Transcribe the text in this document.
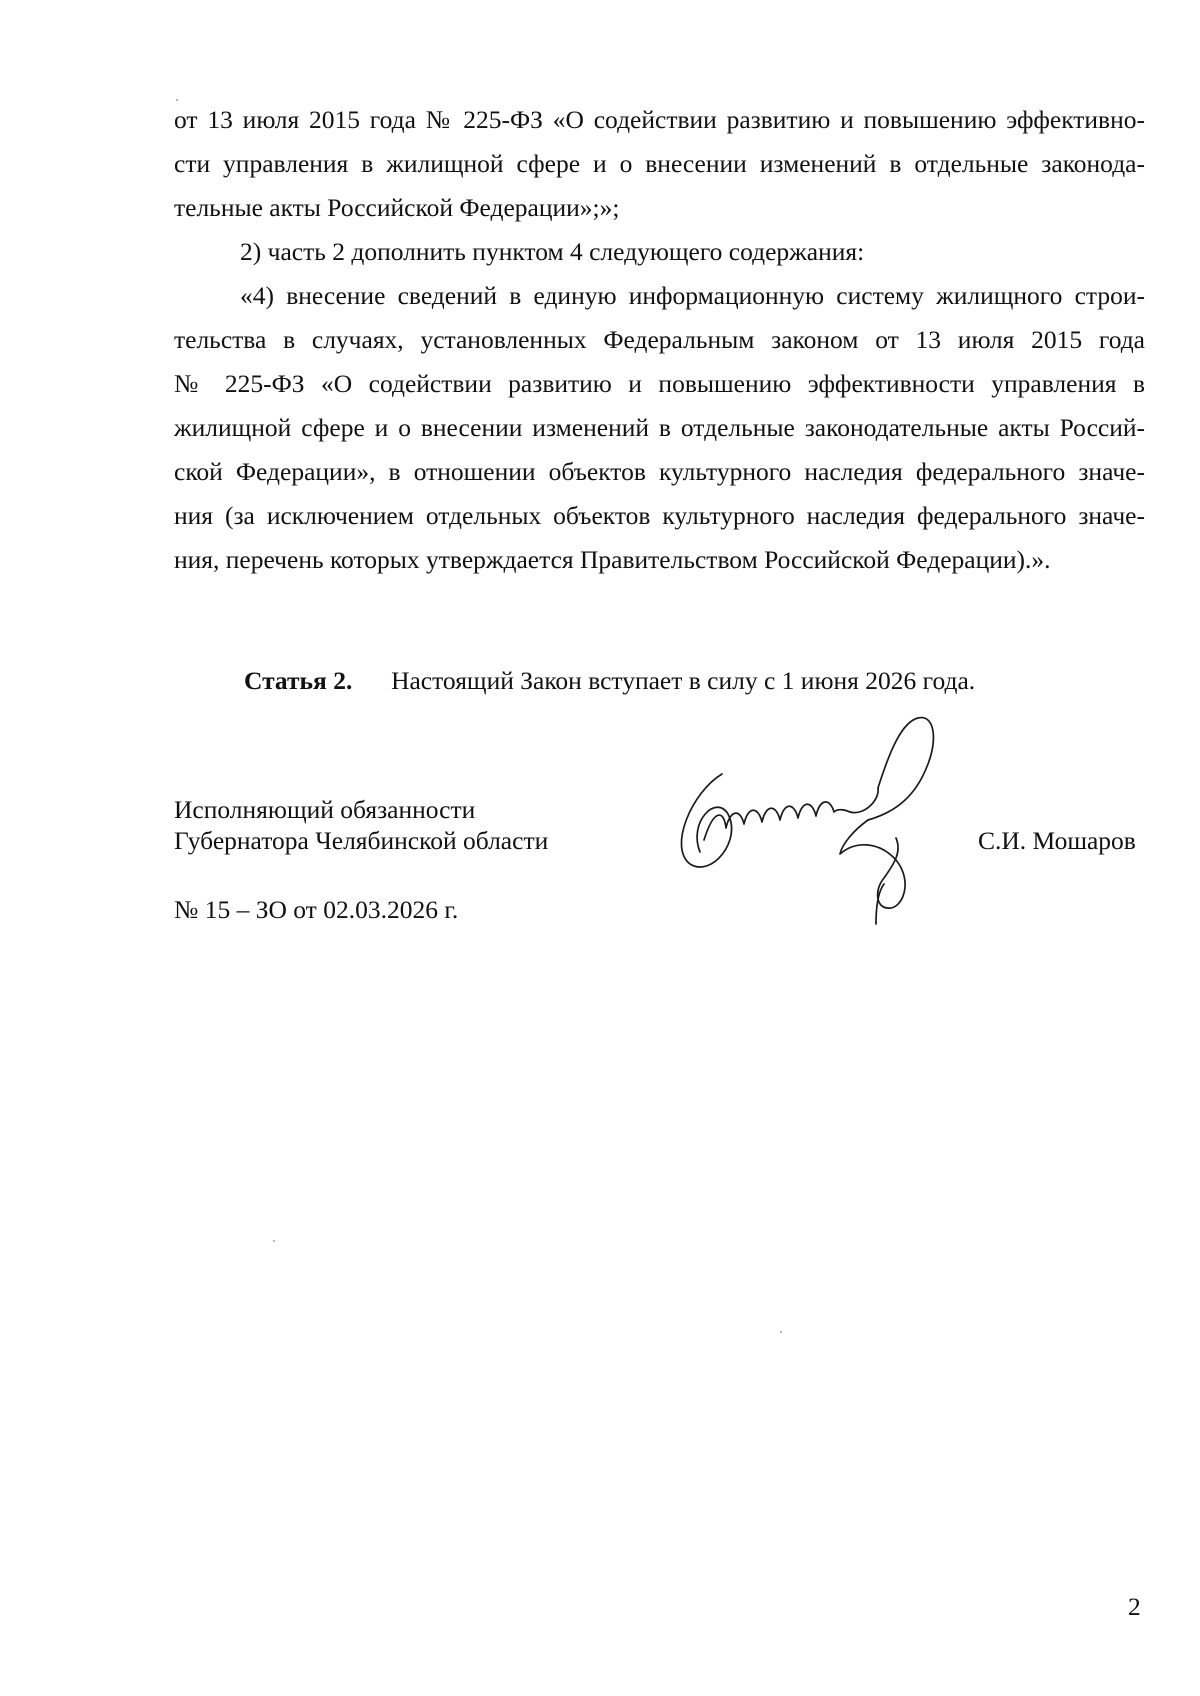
от 13 июля 2015 года № 225-ФЗ «О содействии развитию и повышению эффективно-
сти управления в жилищной сфере и о внесении изменений в отдельные законода-
тельные акты Российской Федерации»;»;
2) часть 2 дополнить пунктом 4 следующего содержания:
«4) внесение сведений в единую информационную систему жилищного строи-
тельства в случаях, установленных Федеральным законом от 13 июля 2015 года
№ 225-ФЗ «О содействии развитию и повышению эффективности управления в
жилищной сфере и о внесении изменений в отдельные законодательные акты Россий-
ской Федерации», в отношении объектов культурного наследия федерального значе-
ния (за исключением отдельных объектов культурного наследия федерального значе-
ния, перечень которых утверждается Правительством Российской Федерации).».
Статья 2. Настоящий Закон вступает в силу с 1 июня 2026 года.
Исполняющий обязанности
Губернатора Челябинской области	С.И. Мошаров
№ 15 – ЗО от 02.03.2026 г.
2
